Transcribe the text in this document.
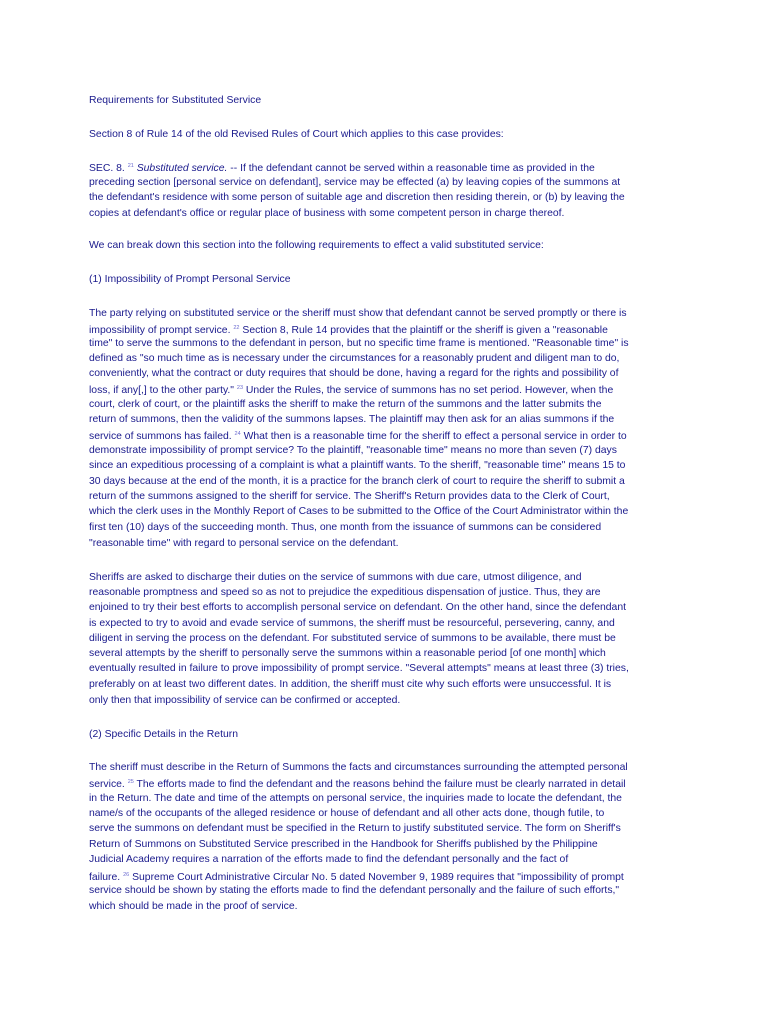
Requirements for Substituted Service
Section 8 of Rule 14 of the old Revised Rules of Court which applies to this case provides:
SEC. 8. $^{21}$ Substituted service. -- If the defendant cannot be served within a reasonable time as provided in the
preceding section [personal service on defendant], service may be effected (a) by leaving copies of the summons at
the defendant's residence with some person of suitable age and discretion then residing therein, or (b) by leaving the
copies at defendant's office or regular place of business with some competent person in charge thereof.
We can break down this section into the following requirements to effect a valid substituted service:
(1) Impossibility of Prompt Personal Service
The party relying on substituted service or the sheriff must show that defendant cannot be served promptly or there is
impossibility of prompt service. $^{22}$ Section 8, Rule 14 provides that the plaintiff or the sheriff is given a "reasonable
time" to serve the summons to the defendant in person, but no specific time frame is mentioned. "Reasonable time" is
defined as "so much time as is necessary under the circumstances for a reasonably prudent and diligent man to do,
conveniently, what the contract or duty requires that should be done, having a regard for the rights and possibility of
loss, if any[,] to the other party." $^{23}$ Under the Rules, the service of summons has no set period. However, when the
court, clerk of court, or the plaintiff asks the sheriff to make the return of the summons and the latter submits the
return of summons, then the validity of the summons lapses. The plaintiff may then ask for an alias summons if the
service of summons has failed. $^{24}$ What then is a reasonable time for the sheriff to effect a personal service in order to
demonstrate impossibility of prompt service? To the plaintiff, "reasonable time" means no more than seven (7) days
since an expeditious processing of a complaint is what a plaintiff wants. To the sheriff, "reasonable time" means 15 to
30 days because at the end of the month, it is a practice for the branch clerk of court to require the sheriff to submit a
return of the summons assigned to the sheriff for service. The Sheriff's Return provides data to the Clerk of Court,
which the clerk uses in the Monthly Report of Cases to be submitted to the Office of the Court Administrator within the
first ten (10) days of the succeeding month. Thus, one month from the issuance of summons can be considered
"reasonable time" with regard to personal service on the defendant.
Sheriffs are asked to discharge their duties on the service of summons with due care, utmost diligence, and
reasonable promptness and speed so as not to prejudice the expeditious dispensation of justice. Thus, they are
enjoined to try their best efforts to accomplish personal service on defendant. On the other hand, since the defendant
is expected to try to avoid and evade service of summons, the sheriff must be resourceful, persevering, canny, and
diligent in serving the process on the defendant. For substituted service of summons to be available, there must be
several attempts by the sheriff to personally serve the summons within a reasonable period [of one month] which
eventually resulted in failure to prove impossibility of prompt service. "Several attempts" means at least three (3) tries,
preferably on at least two different dates. In addition, the sheriff must cite why such efforts were unsuccessful. It is
only then that impossibility of service can be confirmed or accepted.
(2) Specific Details in the Return
The sheriff must describe in the Return of Summons the facts and circumstances surrounding the attempted personal
service. $^{25}$ The efforts made to find the defendant and the reasons behind the failure must be clearly narrated in detail
in the Return. The date and time of the attempts on personal service, the inquiries made to locate the defendant, the
name/s of the occupants of the alleged residence or house of defendant and all other acts done, though futile, to
serve the summons on defendant must be specified in the Return to justify substituted service. The form on Sheriff's
Return of Summons on Substituted Service prescribed in the Handbook for Sheriffs published by the Philippine
Judicial Academy requires a narration of the efforts made to find the defendant personally and the fact of
failure. $^{26}$ Supreme Court Administrative Circular No. 5 dated November 9, 1989 requires that "impossibility of prompt
service should be shown by stating the efforts made to find the defendant personally and the failure of such efforts,"
which should be made in the proof of service.
